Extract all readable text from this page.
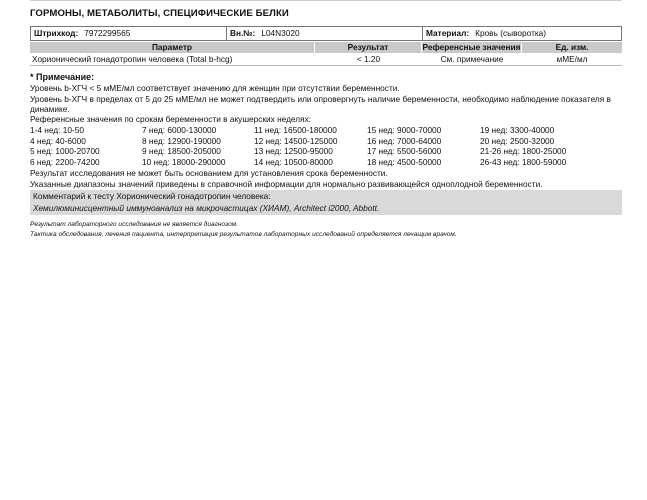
ГОРМОНЫ, МЕТАБОЛИТЫ, СПЕЦИФИЧЕСКИЕ БЕЛКИ
Штрихкод: 7972299565	Вн.№: L04N3020	Материал: Кровь (сыворотка)
Параметр	Результат	Референсные значения	Ед. изм.
Хорионический гонадотропин человека (Total b-hcg)	< 1.20	См. примечание	мМЕ/мл
* Примечание:
Уровень b-ХГЧ < 5 мМЕ/мл соответствует значению для женщин при отсутствии беременности.
Уровень b-ХГЧ в пределах от 5 до 25 мМЕ/мл не может подтвердить или опровергнуть наличие беременности, необходимо наблюдение показателя в динамике.
Референсные значения по срокам беременности в акушерских неделях:
1-4 нед: 10-50	7 нед: 6000-130000	11 нед: 16500-180000	15 нед: 9000-70000	19 нед: 3300-40000
4 нед: 40-6000	8 нед: 12900-190000	12 нед: 14500-125000	16 нед: 7000-64000	20 нед: 2500-32000
5 нед: 1000-20700	9 нед: 18500-205000	13 нед: 12500-95000	17 нед: 5500-56000	21-26 нед: 1800-25000
6 нед: 2200-74200	10 нед: 18000-290000	14 нед: 10500-80000	18 нед: 4500-50000	26-43 нед: 1800-59000
Результат исследования не может быть основанием для установления срока беременности.
Указанные диапазоны значений приведены в справочной информации для нормально развивающейся одноплодной беременности.
Комментарий к тесту Хорионический гонадотропин человека:
Хемилюминисцентный иммуноанализ на микрочастицах (ХИАМ), Architect i2000, Abbott.
Результат лабораторного исследования не является диагнозом.
Тактика обследования, лечения пациента, интерпретация результатов лабораторных исследований определяется лечащим врачом.
